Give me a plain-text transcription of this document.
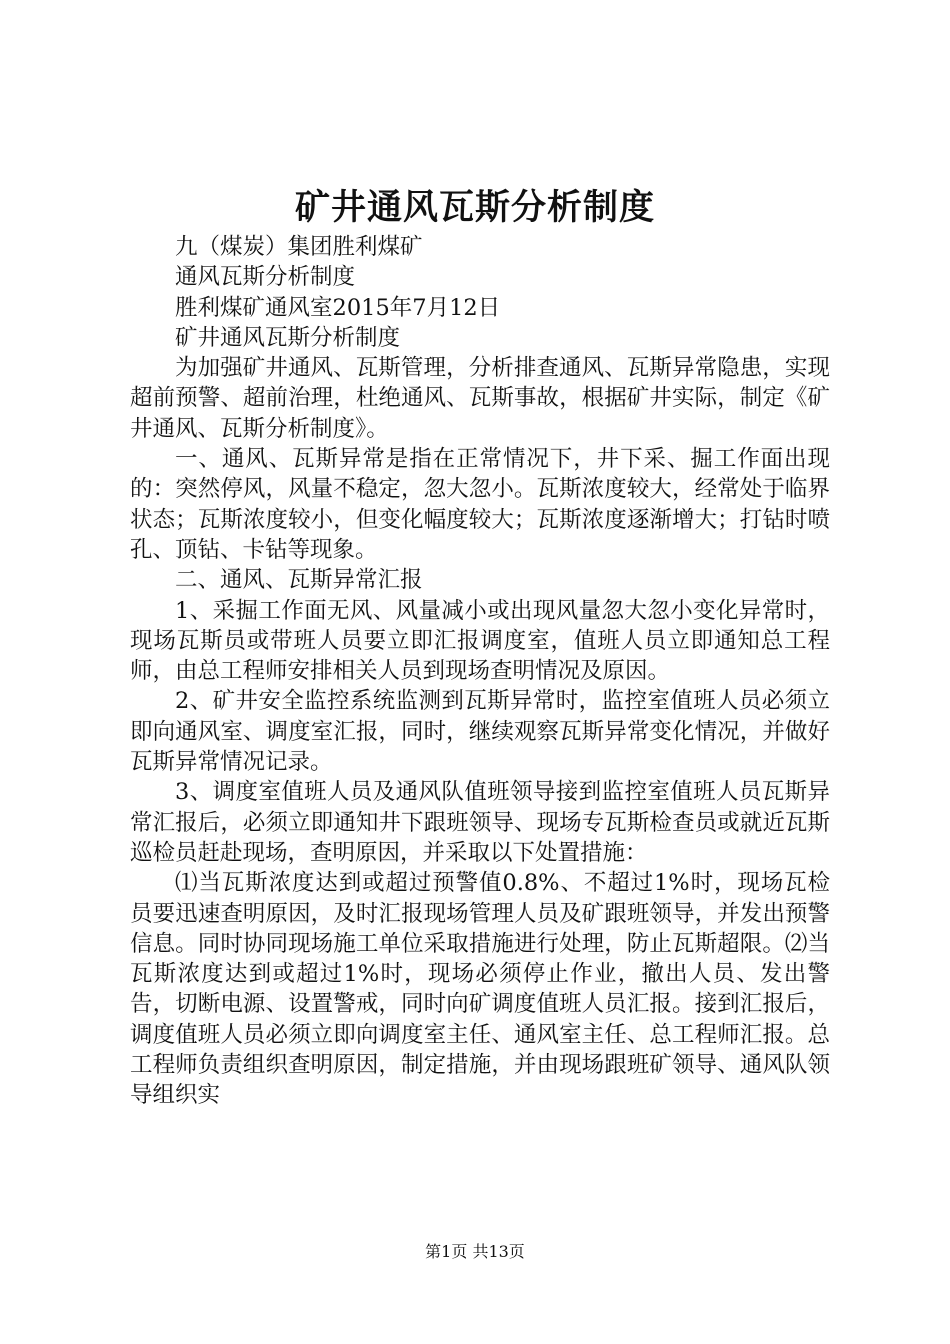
矿井通风瓦斯分析制度

九（煤炭）集团胜利煤矿

通风瓦斯分析制度

胜利煤矿通风室2015年7月12日

矿井通风瓦斯分析制度

为加强矿井通风、瓦斯管理，分析排查通风、瓦斯异常隐患，实现超前预警、超前治理，杜绝通风、瓦斯事故，根据矿井实际，制定《矿井通风、瓦斯分析制度》。

一、通风、瓦斯异常是指在正常情况下，井下采、掘工作面出现的：突然停风，风量不稳定，忽大忽小。瓦斯浓度较大，经常处于临界状态；瓦斯浓度较小，但变化幅度较大；瓦斯浓度逐渐增大；打钻时喷孔、顶钻、卡钻等现象。

二、通风、瓦斯异常汇报

1、采掘工作面无风、风量减小或出现风量忽大忽小变化异常时，现场瓦斯员或带班人员要立即汇报调度室，值班人员立即通知总工程师，由总工程师安排相关人员到现场查明情况及原因。

2、矿井安全监控系统监测到瓦斯异常时，监控室值班人员必须立即向通风室、调度室汇报，同时，继续观察瓦斯异常变化情况，并做好瓦斯异常情况记录。

3、调度室值班人员及通风队值班领导接到监控室值班人员瓦斯异常汇报后，必须立即通知井下跟班领导、现场专瓦斯检查员或就近瓦斯巡检员赶赴现场，查明原因，并采取以下处置措施：

⑴当瓦斯浓度达到或超过预警值0.8%、不超过1%时，现场瓦检员要迅速查明原因，及时汇报现场管理人员及矿跟班领导，并发出预警信息。同时协同现场施工单位采取措施进行处理，防止瓦斯超限。⑵当瓦斯浓度达到或超过1%时，现场必须停止作业，撤出人员、发出警告，切断电源、设置警戒，同时向矿调度值班人员汇报。接到汇报后，调度值班人员必须立即向调度室主任、通风室主任、总工程师汇报。总工程师负责组织查明原因，制定措施，并由现场跟班矿领导、通风队领导组织实

第1页 共13页
